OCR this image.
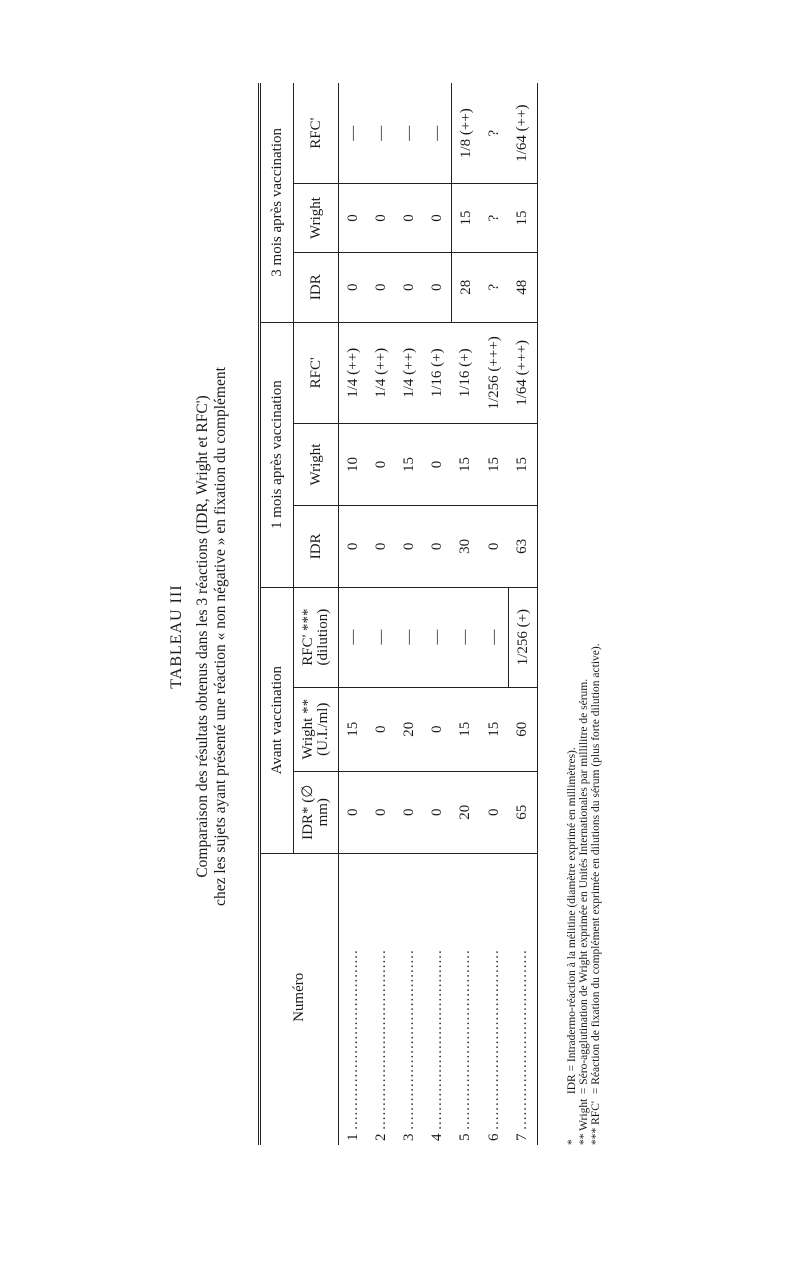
TABLEAU III Comparaison des résultats obtenus dans les 3 réactions (IDR, Wright et RFC') chez les sujets ayant présenté une réaction « non négative » en fixation du complément
Numéro	Avant vaccination			1 mois après vaccination			3 mois après vaccination		
	IDR* (∅ mm)	Wright ** (U.I./ml)	RFC' *** (dilution)	IDR	Wright	RFC'	IDR	Wright	RFC'
1 ......................................	0	15	—	0	10	1/4 (++)	0	0	—
2 ......................................	0	0	—	0	0	1/4 (++)	0	0	—
3 ......................................	0	20	—	0	15	1/4 (++)	0	0	—
4 ......................................	0	0	—	0	0	1/16 (+)	0	0	—
5 ......................................	20	15	—	30	15	1/16 (+)	28	15	1/8 (++)
6 ......................................	0	15	—	0	15	1/256 (+++)	?	?	?
7 ......................................	65	60	1/256 (+)	63	15	1/64 (+++)	48	15	1/64 (++)
* IDR = Intradermo-réaction à la mélitine (diamètre exprimé en millimètres).
** Wright = Séro-agglutination de Wright exprimée en Unités Internationales par millilitre de sérum.
*** RFC' = Réaction de fixation du complément exprimée en dilutions du sérum (plus forte dilution active).
